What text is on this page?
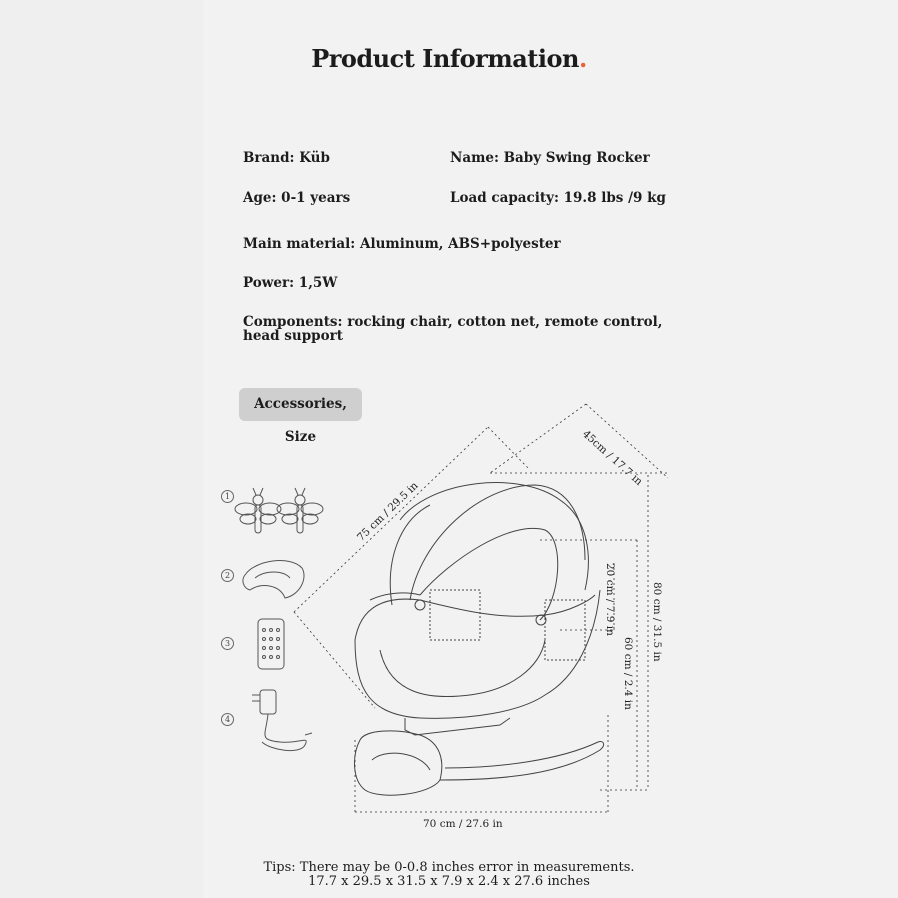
Product Information.
Brand: Küb	Name: Baby Swing Rocker
Age: 0-1 years	Load capacity: 19.8 lbs /9 kg
Main material: Aluminum, ABS+polyester
Power: 1,5W
Components: rocking chair, cotton net, remote control, head support
Accessories, Size
1
2
3
4
45cm / 17.7 in
75 cm / 29.5 in
80 cm / 31.5 in
20 cm / 7.9 in
60 cm / 2.4 in
70 cm / 27.6 in
Tips: There may be 0-0.8 inches error in measurements.
17.7 x 29.5 x 31.5 x 7.9 x 2.4 x 27.6 inches
